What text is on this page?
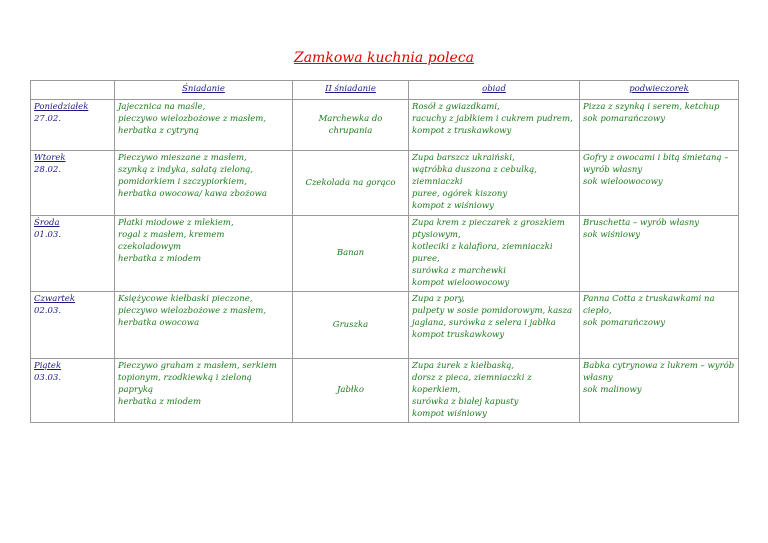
Zamkowa kuchnia poleca
	Śniadanie	II śniadanie	obiad	podwieczorek

Poniedziałek
27.02.	Jajecznica na maśle,
pieczywo wielozbożowe z masłem,
herbatka z cytryną	Marchewka do chrupania	Rosół z gwiazdkami,
racuchy z jabłkiem i cukrem pudrem,
kompot z truskawkowy	Pizza z szynką i serem, ketchup
sok pomarańczowy

Wtorek
28.02.	Pieczywo mieszane z masłem,
szynką z indyka, sałatą zieloną,
pomidorkiem i szczypiorkiem,
herbatka owocowa/ kawa zbożowa	Czekolada na gorąco	Zupa barszcz ukraiński,
wątróbka duszona z cebulką, ziemniaczki
puree, ogórek kiszony
kompot z wiśniowy	Gofry z owocami i bitą śmietaną –
wyrób własny
sok wieloowocowy

Środa
01.03.	Płatki miodowe z mlekiem,
rogal z masłem, kremem
czekoladowym
herbatka z miodem	Banan	Zupa krem z pieczarek z groszkiem
ptysiowym,
kotleciki z kalafiora, ziemniaczki puree,
surówka z marchewki
kompot wieloowocowy	Bruschetta – wyrób własny
sok wiśniowy

Czwartek
02.03.	Księżycowe kiełbaski pieczone,
pieczywo wielozbożowe z masłem,
herbatka owocowa	Gruszka	Zupa z pory,
pulpety w sosie pomidorowym, kasza
jaglana, surówka z selera i jabłka
kompot truskawkowy	Panna Cotta z truskawkami na
ciepło,
sok pomarańczowy

Piątek
03.03.	Pieczywo graham z masłem, serkiem
topionym, rzodkiewką i zieloną
papryką
herbatka z miodem	Jabłko	Zupa żurek z kiełbaską,
dorsz z pieca, ziemniaczki z koperkiem,
surówka z białej kapusty
kompot wiśniowy	Babka cytrynowa z lukrem – wyrób
własny
sok malinowy
